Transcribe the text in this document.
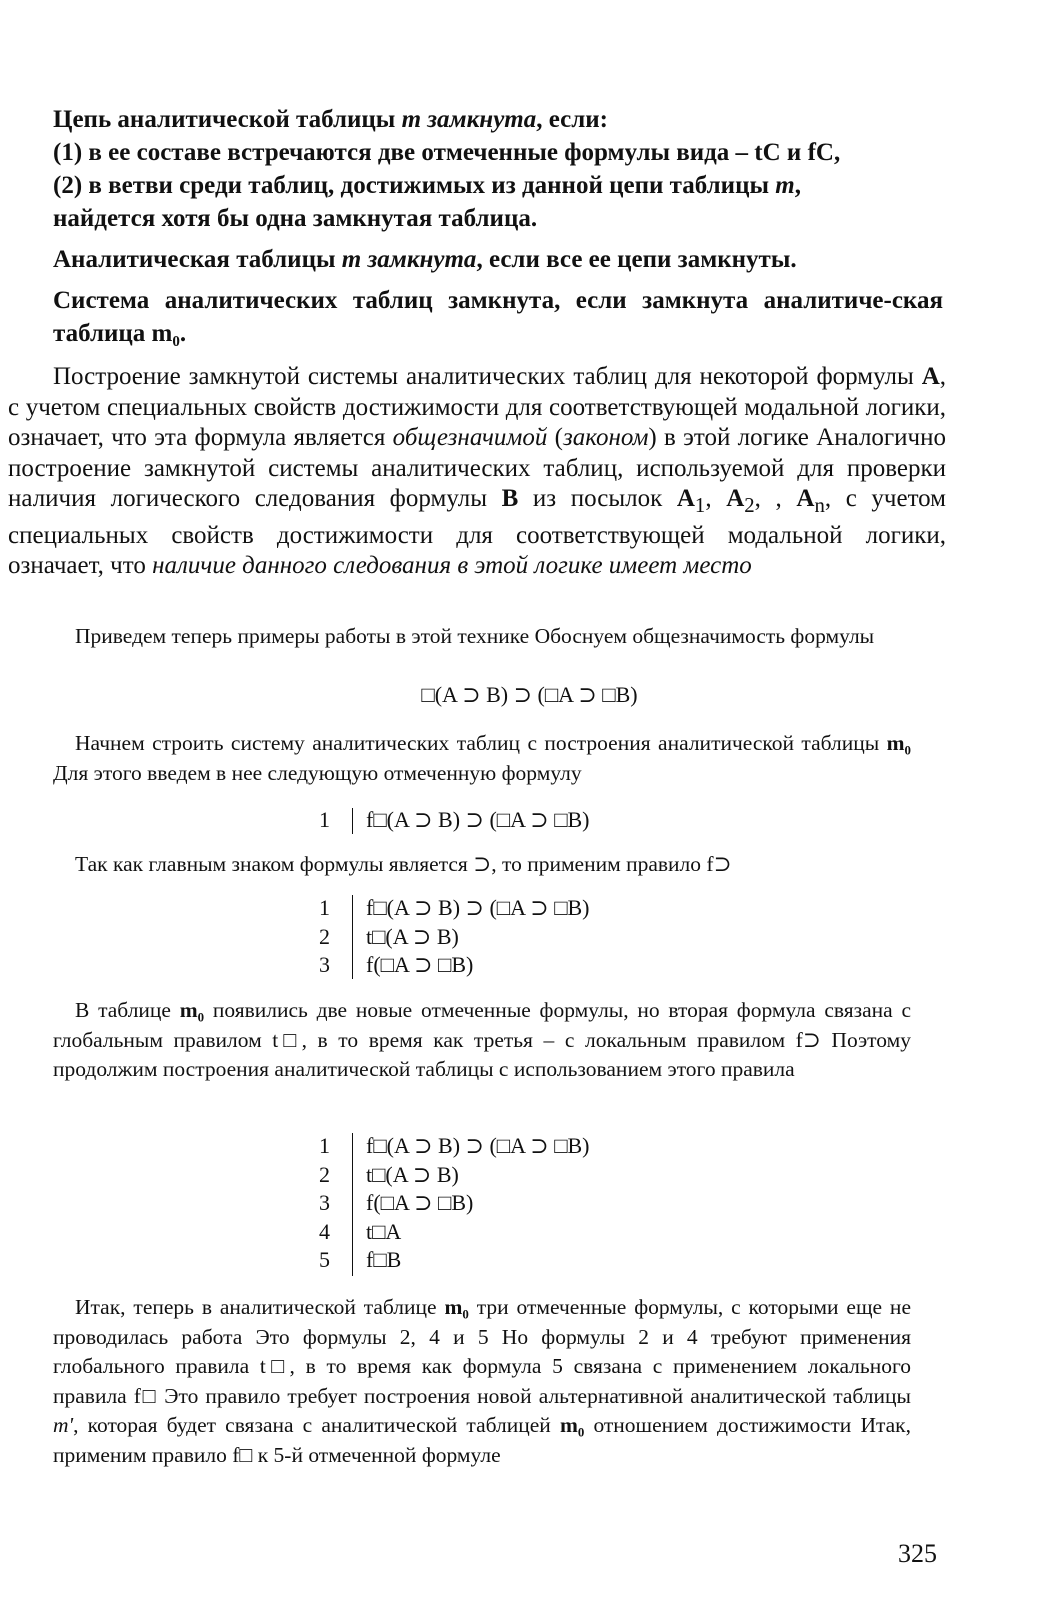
Цепь аналитической таблицы m замкнута, если:
(1) в ее составе встречаются две отмеченные формулы вида – tC и fC,
(2) в ветви среди таблиц, достижимых из данной цепи таблицы m,
найдется хотя бы одна замкнутая таблица.

Аналитическая таблицы m замкнута, если все ее цепи замкнуты.

Система аналитических таблиц замкнута, если замкнута аналитиче-ская таблица m₀.

Построение замкнутой системы аналитических таблиц для некоторой формулы A, с учетом специальных свойств достижимости для соответствующей модальной логики, означает, что эта формула является общезначимой (законом) в этой логике Аналогично построение замкнутой системы аналитических таблиц, используемой для проверки наличия логического следования формулы B из посылок $A_1$, $A_2$, , $A_n$, с учетом специальных свойств достижимости для соответствующей модальной логики, означает, что наличие данного следования в этой логике имеет место

Приведем теперь примеры работы в этой технике Обоснуем общезначимость формулы

□(A ⊃ B) ⊃ (□A ⊃ □B)

Начнем строить систему аналитических таблиц с построения аналитической таблицы m₀ Для этого введем в нее следующую отмеченную формулу

1 f□(A ⊃ B) ⊃ (□A ⊃ □B)

Так как главным знаком формулы является ⊃, то применим правило f⊃

1
2
3
f□(A ⊃ B) ⊃ (□A ⊃ □B)
t□(A ⊃ B)
f(□A ⊃ □B)

В таблице m₀ появились две новые отмеченные формулы, но вторая формула связана с глобальным правилом t□, в то время как третья – с локальным правилом f⊃ Поэтому продолжим построения аналитической таблицы с использованием этого правила

1
2
3
4
5
f□(A ⊃ B) ⊃ (□A ⊃ □B)
t□(A ⊃ B)
f(□A ⊃ □B)
t□A
f□B

Итак, теперь в аналитической таблице m₀ три отмеченные формулы, с которыми еще не проводилась работа Это формулы 2, 4 и 5 Но формулы 2 и 4 требуют применения глобального правила t□, в то время как формула 5 связана с применением локального правила f□ Это правило требует построения новой альтернативной аналитической таблицы m', которая будет связана с аналитической таблицей m₀ отношением достижимости Итак, применим правило f□ к 5-й отмеченной формуле

325
